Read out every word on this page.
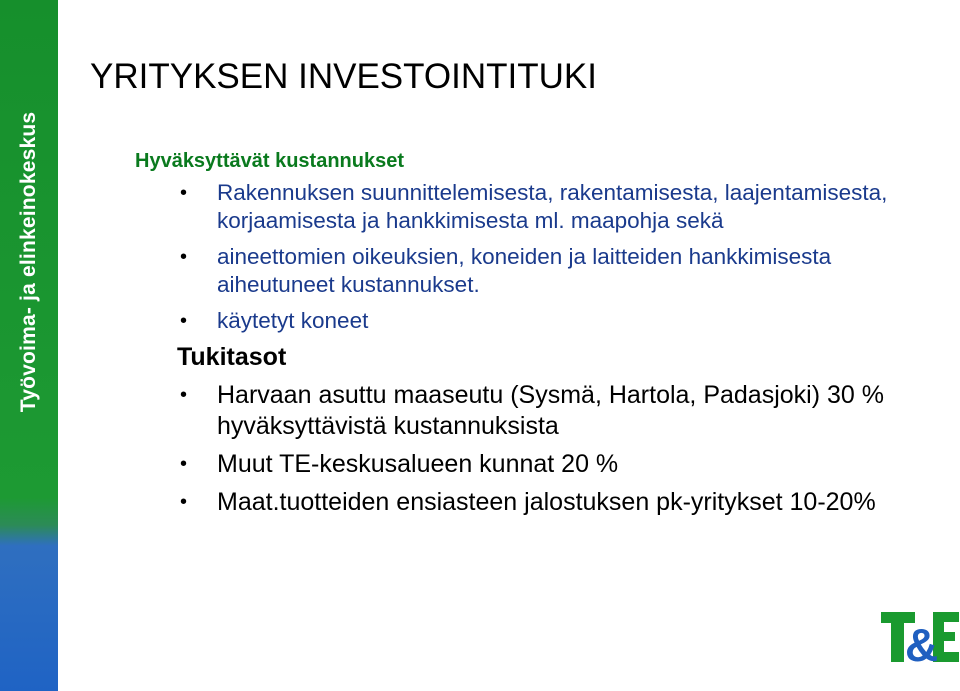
Työvoima- ja elinkeinokeskus
YRITYKSEN INVESTOINTITUKI
Hyväksyttävät kustannukset
• Rakennuksen suunnittelemisesta, rakentamisesta, laajentamisesta, korjaamisesta ja hankkimisesta ml. maapohja sekä
• aineettomien oikeuksien, koneiden ja laitteiden hankkimisesta aiheutuneet kustannukset.
• käytetyt koneet
Tukitasot
• Harvaan asuttu maaseutu (Sysmä, Hartola, Padasjoki) 30 % hyväksyttävistä kustannuksista
• Muut TE-keskusalueen kunnat 20 %
• Maat.tuotteiden ensiasteen jalostuksen pk-yritykset 10-20%
&
